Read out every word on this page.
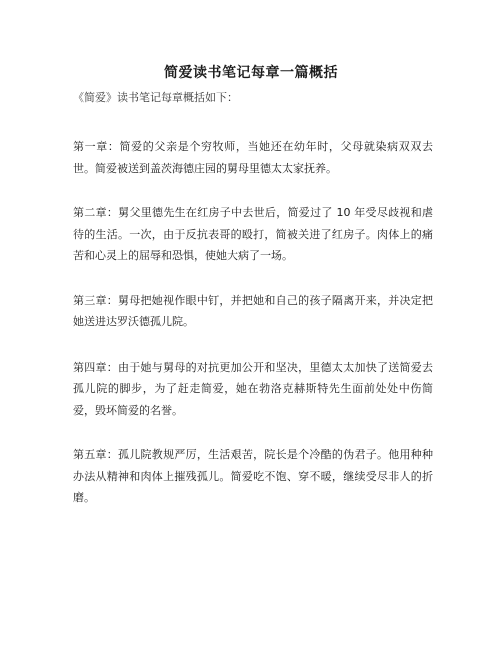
简爱读书笔记每章一篇概括
《简爱》读书笔记每章概括如下：

第一章：简爱的父亲是个穷牧师，当她还在幼年时，父母就染病双双去世。简爱被送到盖茨海德庄园的舅母里德太太家抚养。

第二章：舅父里德先生在红房子中去世后，简爱过了 10 年受尽歧视和虐待的生活。一次，由于反抗表哥的殴打，简被关进了红房子。肉体上的痛苦和心灵上的屈辱和恐惧，使她大病了一场。

第三章：舅母把她视作眼中钉，并把她和自己的孩子隔离开来，并决定把她送进达罗沃德孤儿院。

第四章：由于她与舅母的对抗更加公开和坚决，里德太太加快了送简爱去孤儿院的脚步，为了赶走简爱，她在勃洛克赫斯特先生面前处处中伤简爱，毁坏简爱的名誉。

第五章：孤儿院教规严厉，生活艰苦，院长是个冷酷的伪君子。他用种种办法从精神和肉体上摧残孤儿。简爱吃不饱、穿不暖，继续受尽非人的折磨。
